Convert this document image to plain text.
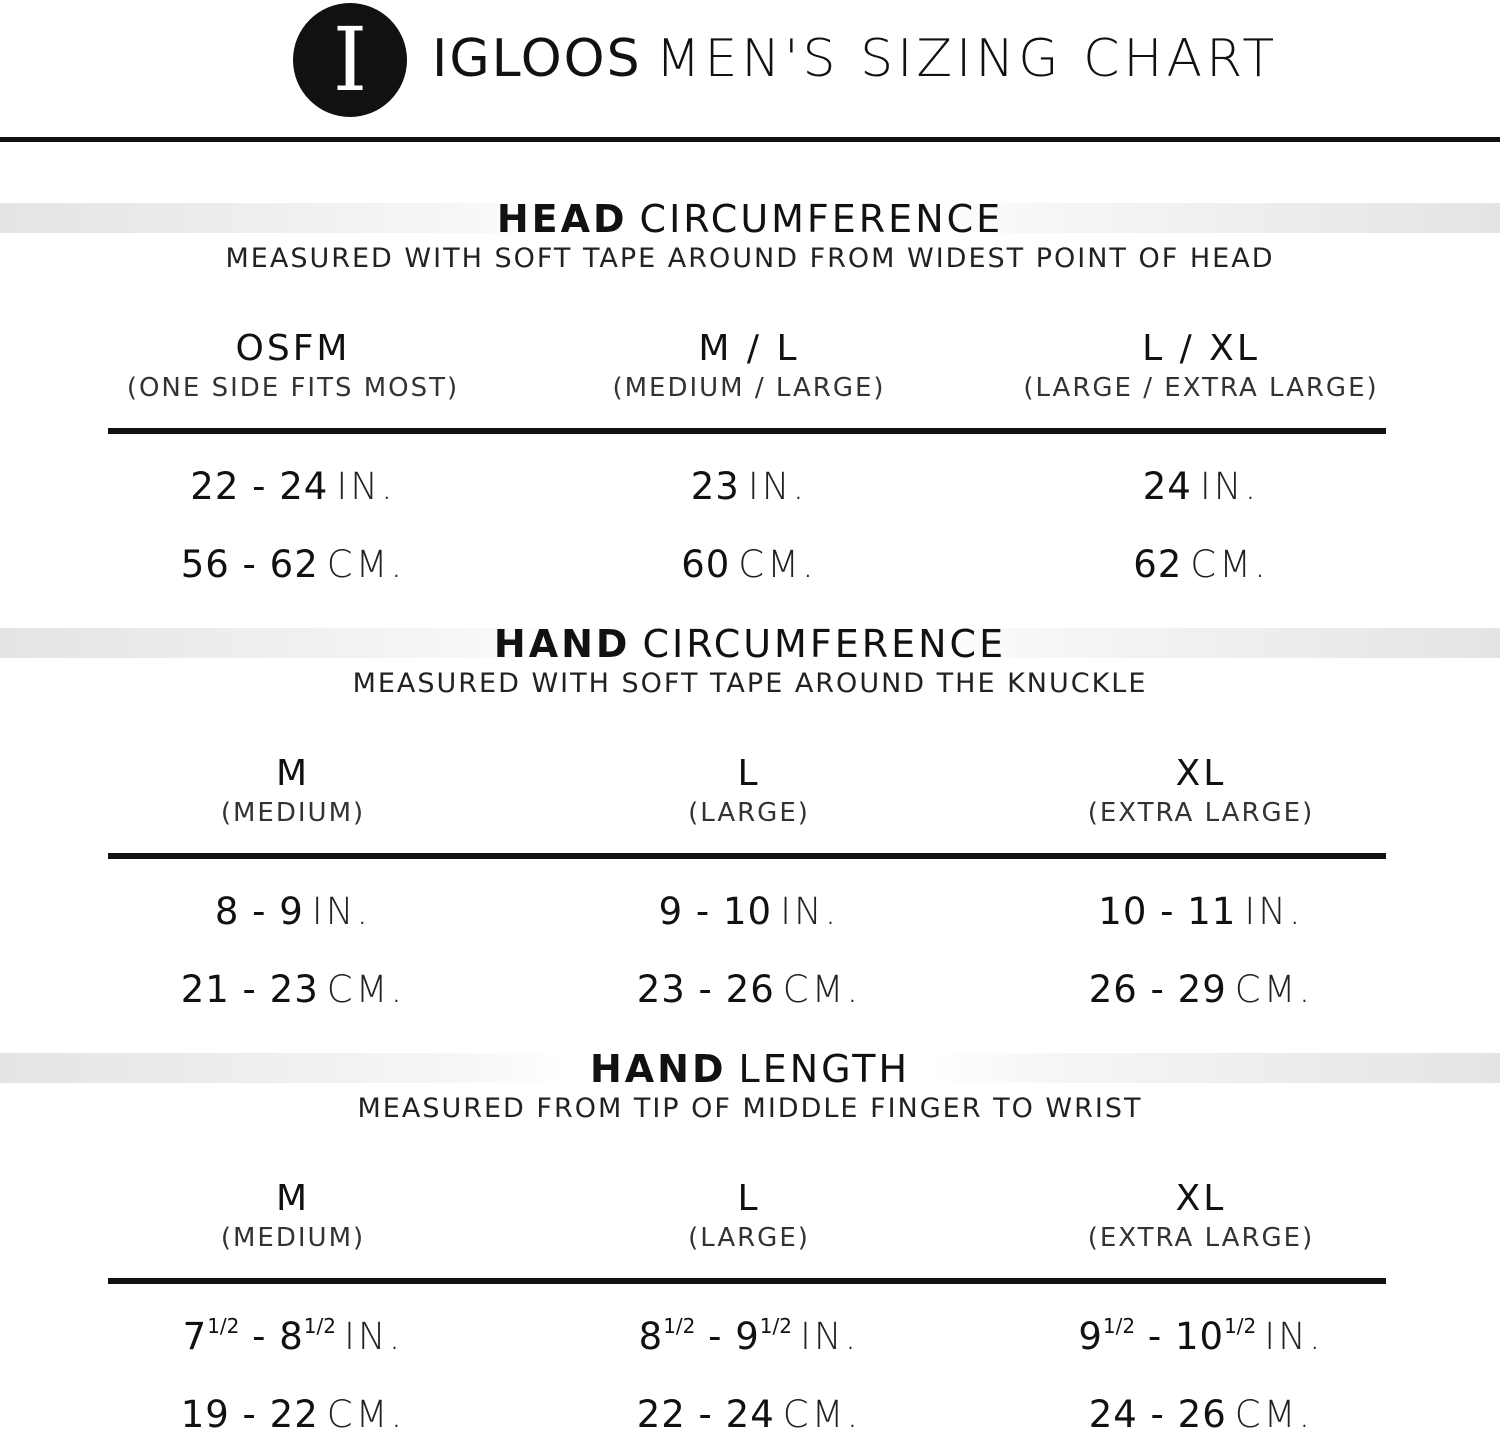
I IGLOOS MEN'S SIZING CHART
HEAD CIRCUMFERENCE
MEASURED WITH SOFT TAPE AROUND FROM WIDEST POINT OF HEAD
OSFM
(ONE SIDE FITS MOST)
22 - 24 IN.
56 - 62 CM.
M / L
(MEDIUM / LARGE)
23 IN.
60 CM.
L / XL
(LARGE / EXTRA LARGE)
24 IN.
62 CM.
HAND CIRCUMFERENCE
MEASURED WITH SOFT TAPE AROUND THE KNUCKLE
M
(MEDIUM)
8 - 9 IN.
21 - 23 CM.
L
(LARGE)
9 - 10 IN.
23 - 26 CM.
XL
(EXTRA LARGE)
10 - 11 IN.
26 - 29 CM.
HAND LENGTH
MEASURED FROM TIP OF MIDDLE FINGER TO WRIST
M
(MEDIUM)
$7^{1/2} - 8^{1/2}$ IN.
19 - 22 CM.
L
(LARGE)
$8^{1/2} - 9^{1/2}$ IN.
22 - 24 CM.
XL
(EXTRA LARGE)
$9^{1/2} - 10^{1/2}$ IN.
24 - 26 CM.
